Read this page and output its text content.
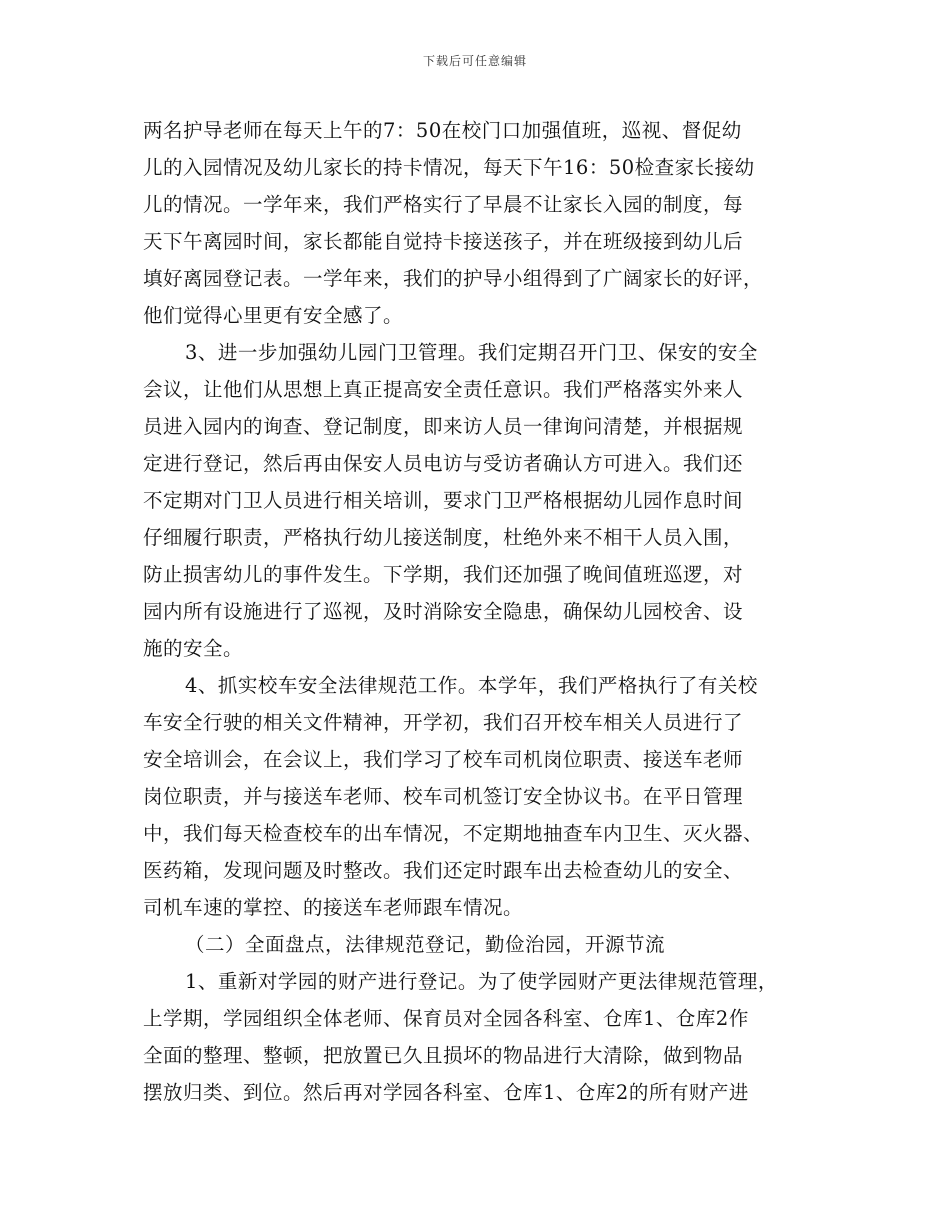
下载后可任意编辑
两名护导老师在每天上午的7：50在校门口加强值班，巡视、督促幼
儿的入园情况及幼儿家长的持卡情况，每天下午16：50检查家长接幼
儿的情况。一学年来，我们严格实行了早晨不让家长入园的制度，每
天下午离园时间，家长都能自觉持卡接送孩子，并在班级接到幼儿后
填好离园登记表。一学年来，我们的护导小组得到了广阔家长的好评，
他们觉得心里更有安全感了。
3、进一步加强幼儿园门卫管理。我们定期召开门卫、保安的安全
会议，让他们从思想上真正提高安全责任意识。我们严格落实外来人
员进入园内的询查、登记制度，即来访人员一律询问清楚，并根据规
定进行登记，然后再由保安人员电访与受访者确认方可进入。我们还
不定期对门卫人员进行相关培训，要求门卫严格根据幼儿园作息时间
仔细履行职责，严格执行幼儿接送制度，杜绝外来不相干人员入围，
防止损害幼儿的事件发生。下学期，我们还加强了晚间值班巡逻，对
园内所有设施进行了巡视，及时消除安全隐患，确保幼儿园校舍、设
施的安全。
4、抓实校车安全法律规范工作。本学年，我们严格执行了有关校
车安全行驶的相关文件精神，开学初，我们召开校车相关人员进行了
安全培训会，在会议上，我们学习了校车司机岗位职责、接送车老师
岗位职责，并与接送车老师、校车司机签订安全协议书。在平日管理
中，我们每天检查校车的出车情况，不定期地抽查车内卫生、灭火器、
医药箱，发现问题及时整改。我们还定时跟车出去检查幼儿的安全、
司机车速的掌控、的接送车老师跟车情况。
（二）全面盘点，法律规范登记，勤俭治园，开源节流
1、重新对学园的财产进行登记。为了使学园财产更法律规范管理，
上学期，学园组织全体老师、保育员对全园各科室、仓库1、仓库2作
全面的整理、整顿，把放置已久且损坏的物品进行大清除，做到物品
摆放归类、到位。然后再对学园各科室、仓库1、仓库2的所有财产进
